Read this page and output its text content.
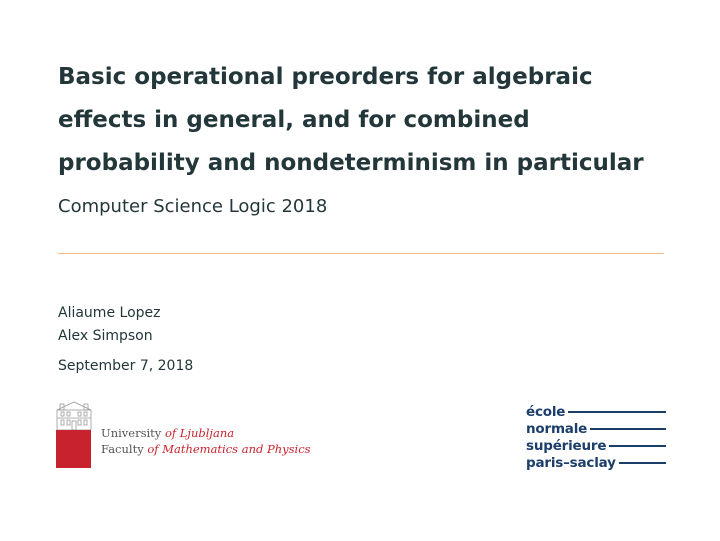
Basic operational preorders for algebraic
effects in general, and for combined
probability and nondeterminism in particular
Computer Science Logic 2018
Aliaume Lopez
Alex Simpson
September 7, 2018
University of Ljubljana
Faculty of Mathematics and Physics
école
normale
supérieure
paris–saclay
